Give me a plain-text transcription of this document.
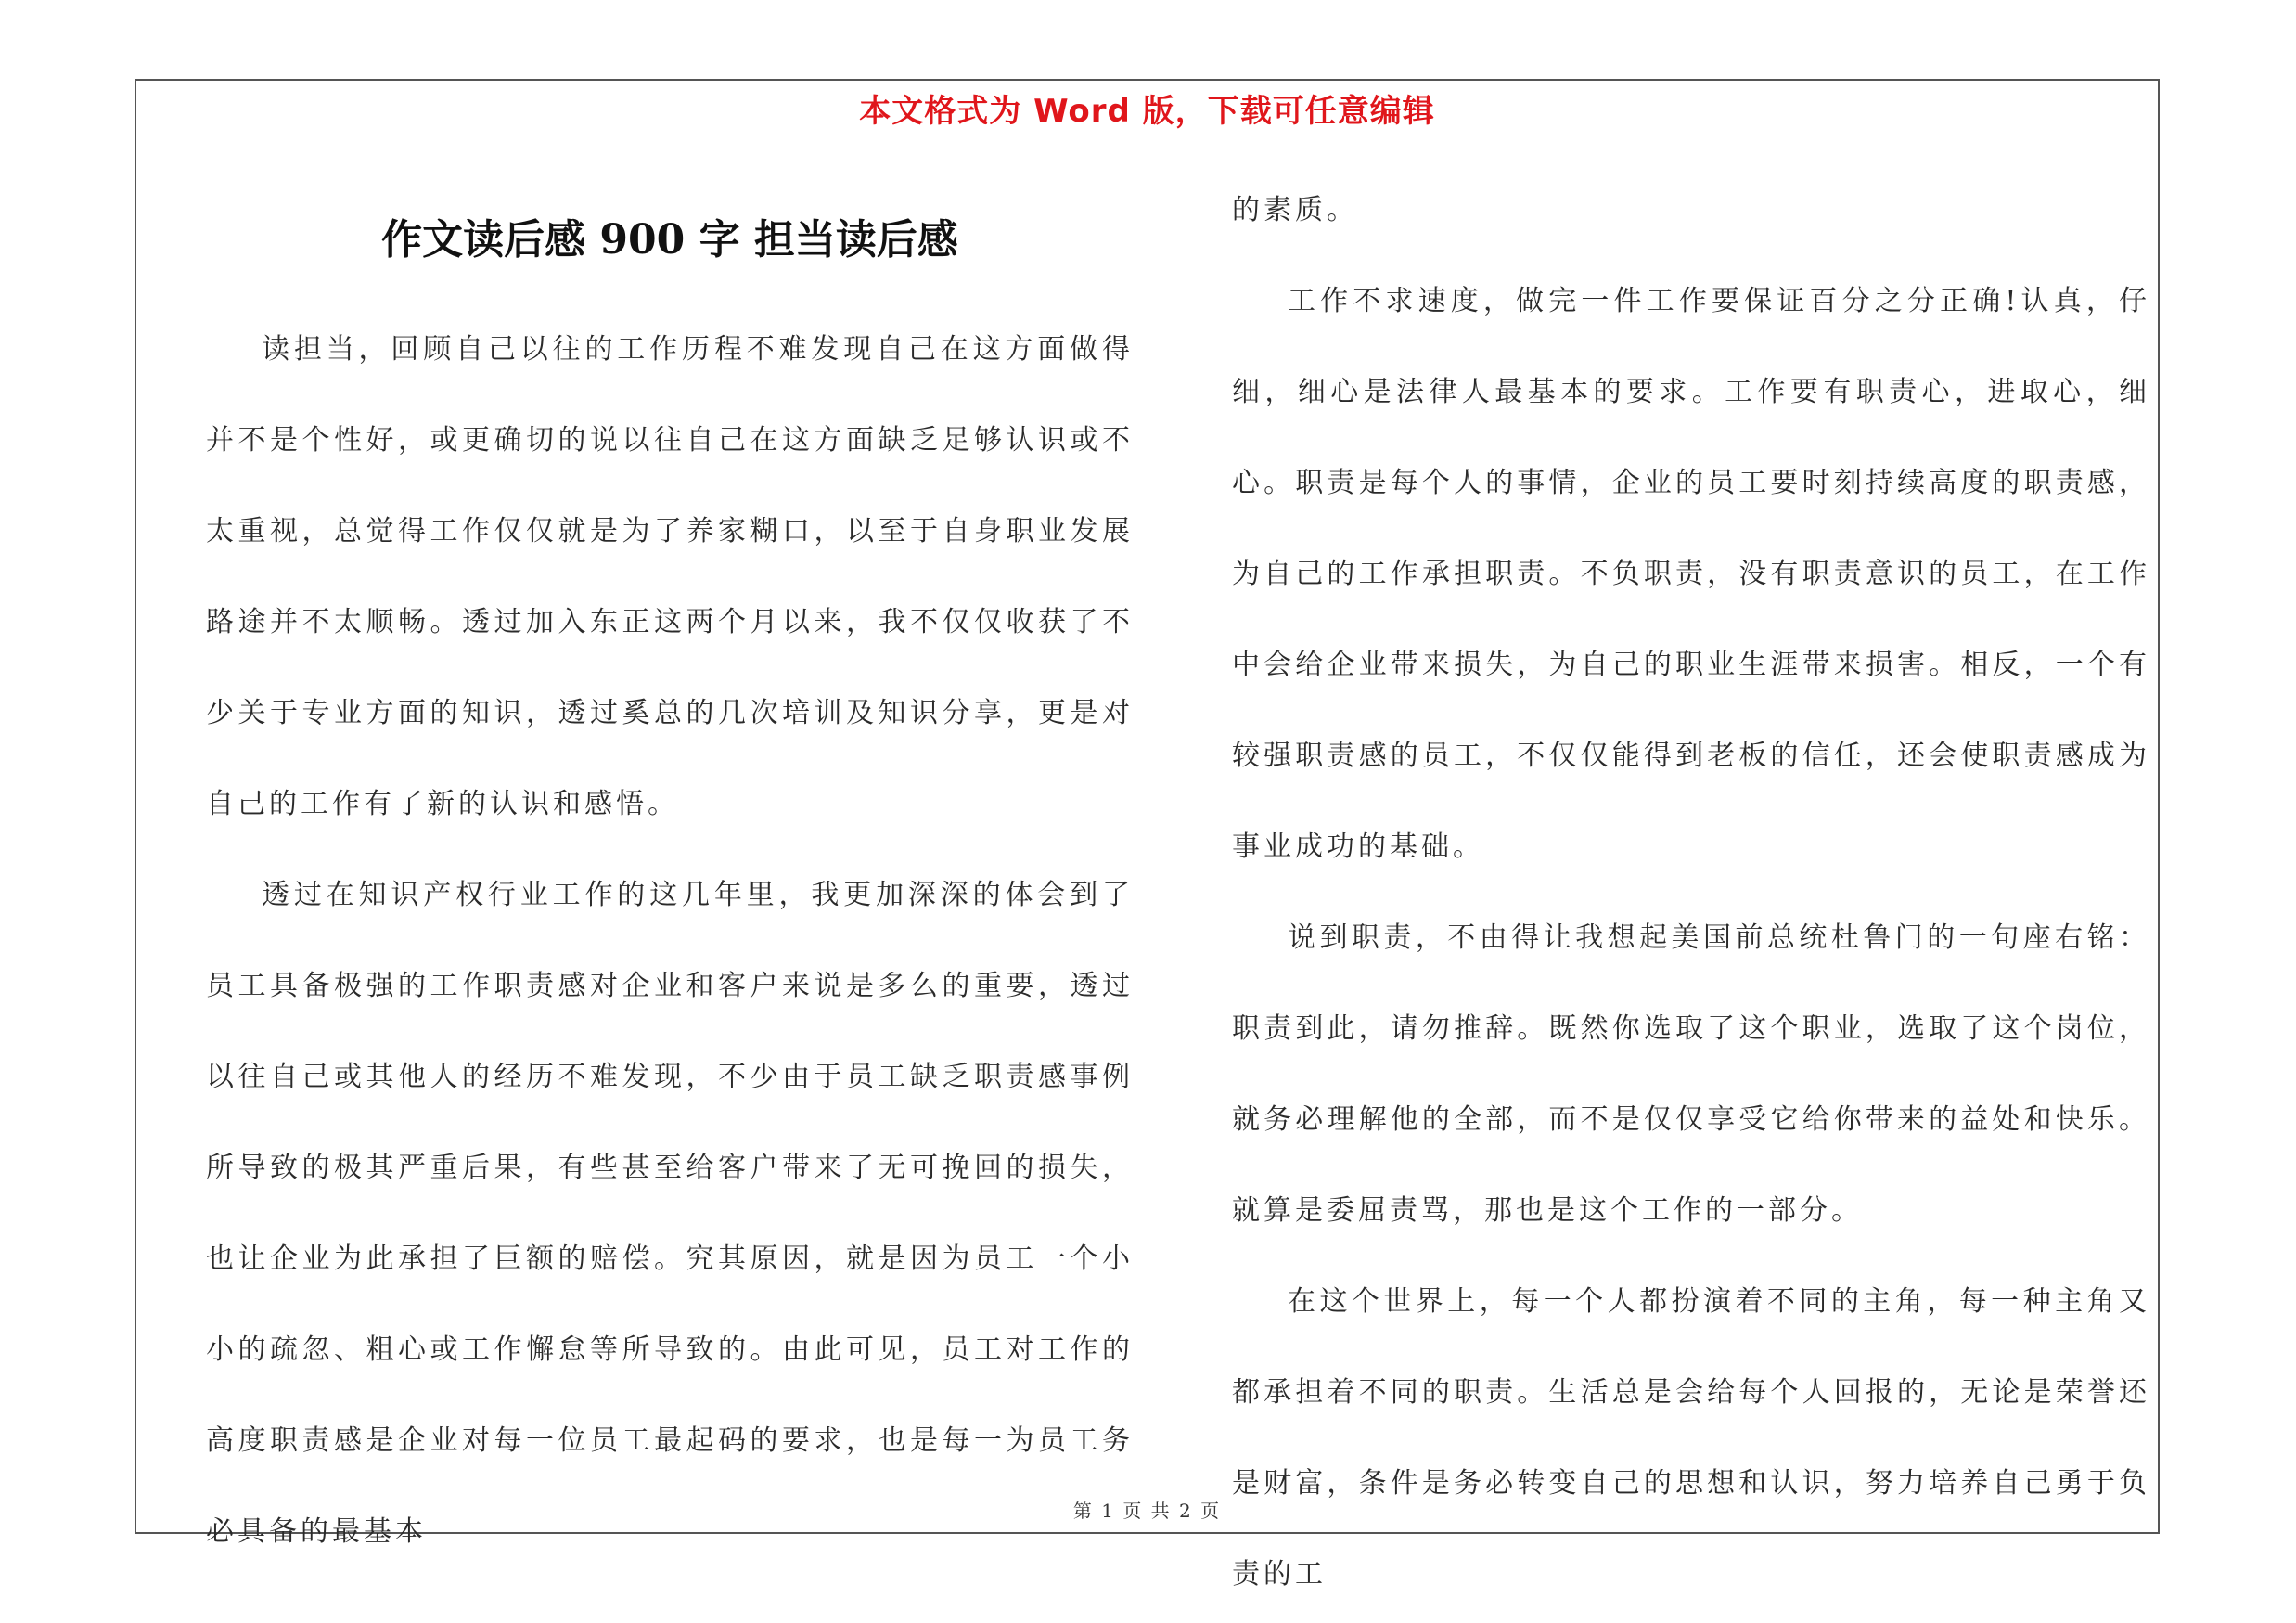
本文格式为 Word 版，下载可任意编辑
作文读后感 900 字 担当读后感

读担当，回顾自己以往的工作历程不难发现自己在这方面做得并不是个性好，或更确切的说以往自己在这方面缺乏足够认识或不太重视，总觉得工作仅仅就是为了养家糊口，以至于自身职业发展路途并不太顺畅。透过加入东正这两个月以来，我不仅仅收获了不少关于专业方面的知识，透过奚总的几次培训及知识分享，更是对自己的工作有了新的认识和感悟。

透过在知识产权行业工作的这几年里，我更加深深的体会到了员工具备极强的工作职责感对企业和客户来说是多么的重要，透过以往自己或其他人的经历不难发现，不少由于员工缺乏职责感事例所导致的极其严重后果，有些甚至给客户带来了无可挽回的损失，也让企业为此承担了巨额的赔偿。究其原因，就是因为员工一个小小的疏忽、粗心或工作懈怠等所导致的。由此可见，员工对工作的高度职责感是企业对每一位员工最起码的要求，也是每一为员工务必具备的最基本

的素质。

工作不求速度，做完一件工作要保证百分之分正确!认真，仔细，细心是法律人最基本的要求。工作要有职责心，进取心，细心。职责是每个人的事情，企业的员工要时刻持续高度的职责感，为自己的工作承担职责。不负职责，没有职责意识的员工，在工作中会给企业带来损失，为自己的职业生涯带来损害。相反，一个有较强职责感的员工，不仅仅能得到老板的信任，还会使职责感成为事业成功的基础。

说到职责，不由得让我想起美国前总统杜鲁门的一句座右铭：职责到此，请勿推辞。既然你选取了这个职业，选取了这个岗位，就务必理解他的全部，而不是仅仅享受它给你带来的益处和快乐。就算是委屈责骂，那也是这个工作的一部分。

在这个世界上，每一个人都扮演着不同的主角，每一种主角又都承担着不同的职责。生活总是会给每个人回报的，无论是荣誉还是财富，条件是务必转变自己的思想和认识，努力培养自己勇于负责的工

第 1 页 共 2 页
